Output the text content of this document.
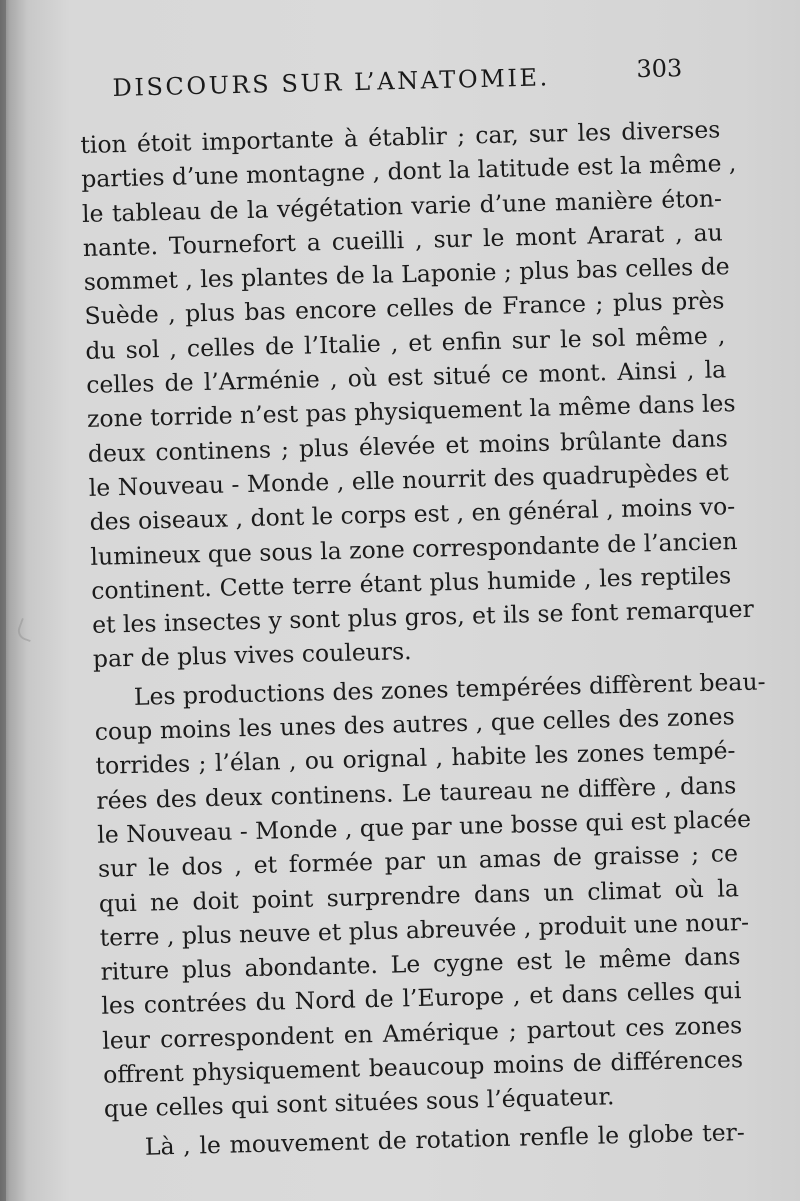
DISCOURS SUR L’ANATOMIE.	303
tion étoit importante à établir ; car, sur les diverses
parties d’une montagne , dont la latitude est la même ,
le tableau de la végétation varie d’une manière éton-
nante. Tournefort a cueilli , sur le mont Ararat , au
sommet , les plantes de la Laponie ; plus bas celles de
Suède , plus bas encore celles de France ; plus près
du sol , celles de l’Italie , et enfin sur le sol même ,
celles de l’Arménie , où est situé ce mont. Ainsi , la
zone torride n’est pas physiquement la même dans les
deux continens ; plus élevée et moins brûlante dans
le Nouveau - Monde , elle nourrit des quadrupèdes et
des oiseaux , dont le corps est , en général , moins vo-
lumineux que sous la zone correspondante de l’ancien
continent. Cette terre étant plus humide , les reptiles
et les insectes y sont plus gros, et ils se font remarquer
par de plus vives couleurs.
Les productions des zones tempérées diffèrent beau-
coup moins les unes des autres , que celles des zones
torrides ; l’élan , ou orignal , habite les zones tempé-
rées des deux continens. Le taureau ne diffère , dans
le Nouveau - Monde , que par une bosse qui est placée
sur le dos , et formée par un amas de graisse ; ce
qui ne doit point surprendre dans un climat où la
terre , plus neuve et plus abreuvée , produit une nour-
riture plus abondante. Le cygne est le même dans
les contrées du Nord de l’Europe , et dans celles qui
leur correspondent en Amérique ; partout ces zones
offrent physiquement beaucoup moins de différences
que celles qui sont situées sous l’équateur.
Là , le mouvement de rotation renfle le globe ter-
